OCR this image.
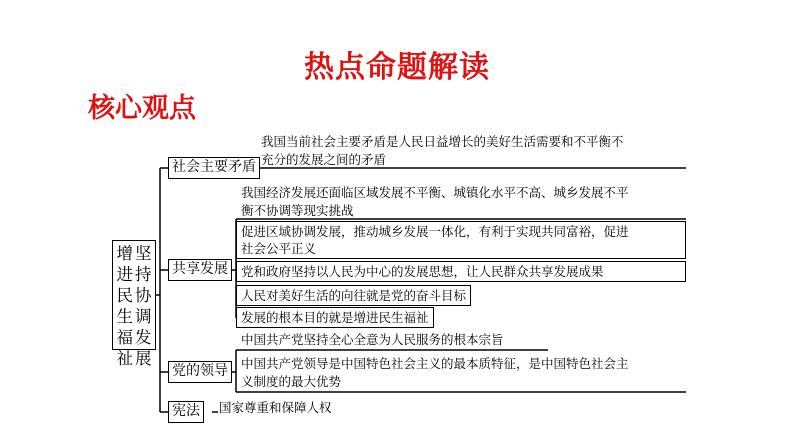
热点命题解读
核心观点
坚
持
协
调
发
展
增
进
民
生
福
祉
社会主要矛盾
共享发展
党的领导
宪法
我国当前社会主要矛盾是人民日益增长的美好生活需要和不平衡不
充分的发展之间的矛盾
我国经济发展还面临区域发展不平衡、城镇化水平不高、城乡发展不平
衡不协调等现实挑战
促进区域协调发展，推动城乡发展一体化，有利于实现共同富裕，促进
社会公平正义
党和政府坚持以人民为中心的发展思想，让人民群众共享发展成果
人民对美好生活的向往就是党的奋斗目标
发展的根本目的就是增进民生福祉
中国共产党坚持全心全意为人民服务的根本宗旨
中国共产党领导是中国特色社会主义的最本质特征，是中国特色社会主
义制度的最大优势
国家尊重和保障人权
